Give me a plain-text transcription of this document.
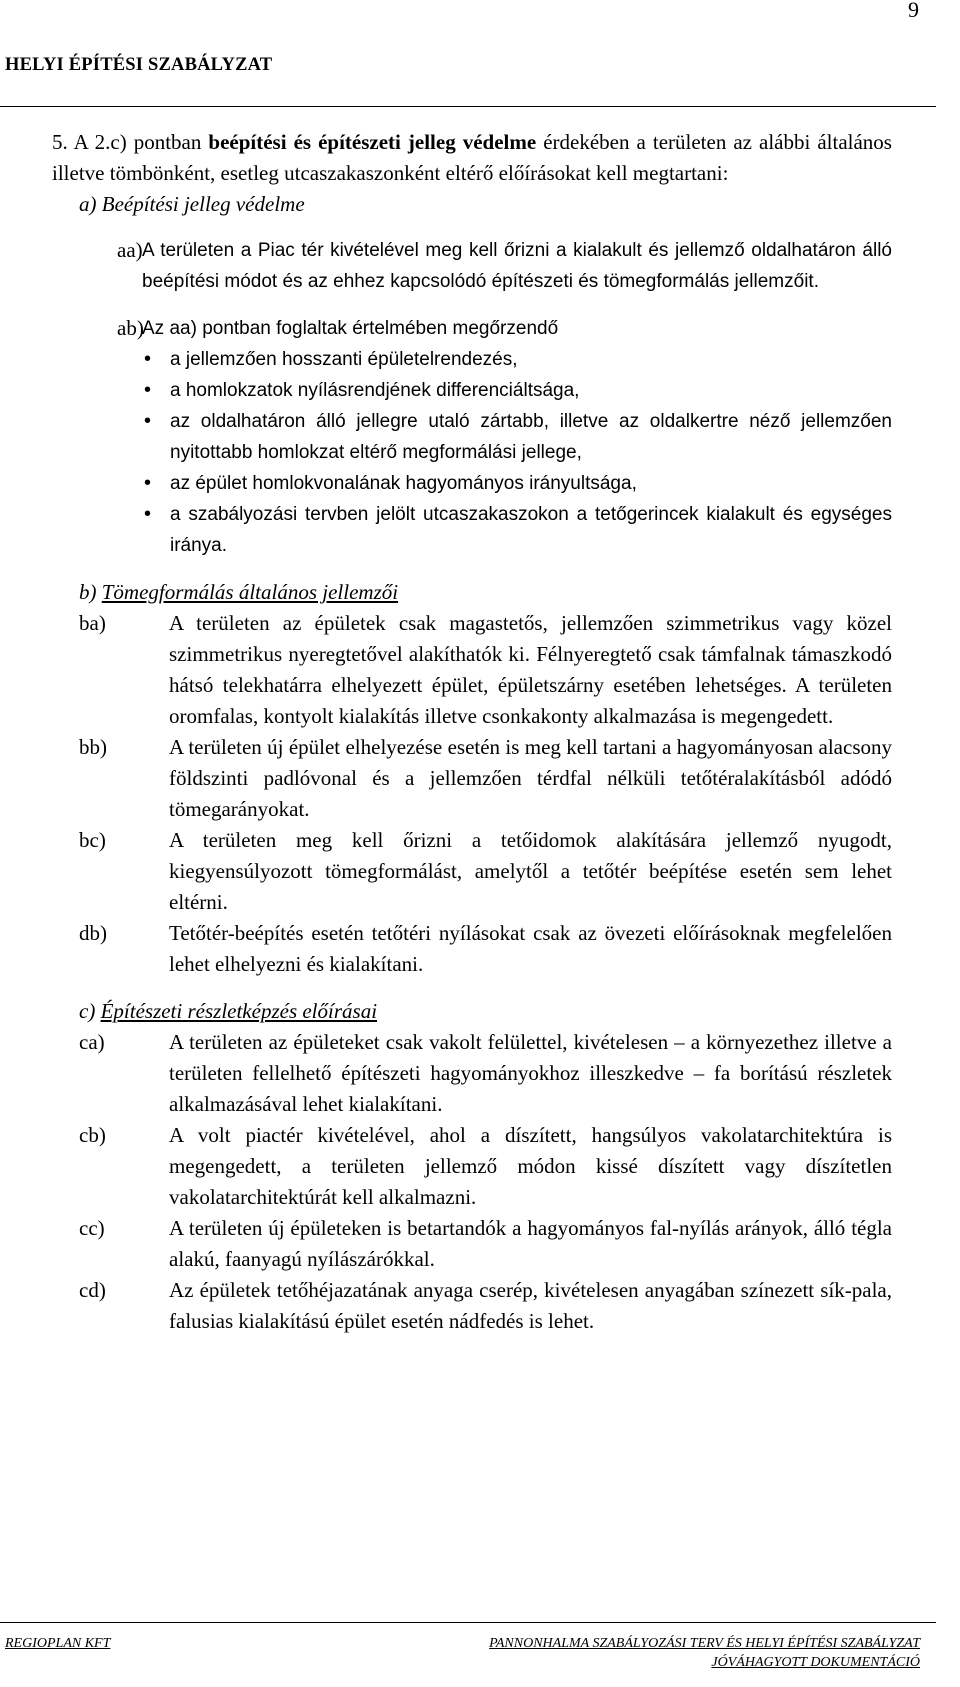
9
HELYI ÉPÍTÉSI SZABÁLYZAT

5. A 2.c) pontban beépítési és építészeti jelleg védelme érdekében a területen az alábbi általános illetve tömbönként, esetleg utcaszakaszonként eltérő előírásokat kell megtartani:

a) Beépítési jelleg védelme

aa) A területen a Piac tér kivételével meg kell őrizni a kialakult és jellemző oldalhatáron álló beépítési módot és az ehhez kapcsolódó építészeti és tömegformálás jellemzőit.
ab)
Az aa) pontban foglaltak értelmében megőrzendő
• a jellemzően hosszanti épületelrendezés,
• a homlokzatok nyílásrendjének differenciáltsága,
• az oldalhatáron álló jellegre utaló zártabb, illetve az oldalkertre néző jellemzően nyitottabb homlokzat eltérő megformálási jellege,
• az épület homlokvonalának hagyományos irányultsága,
• a szabályozási tervben jelölt utcaszakaszokon a tetőgerincek kialakult és egységes iránya.

b) Tömegformálás általános jellemzői

ba)	A területen az épületek csak magastetős, jellemzően szimmetrikus vagy közel szimmetrikus nyeregtetővel alakíthatók ki. Félnyeregtető csak támfalnak támaszkodó hátsó telekhatárra elhelyezett épület, épületszárny esetében lehetséges. A területen oromfalas, kontyolt kialakítás illetve csonkakonty alkalmazása is megengedett.
bb)	A területen új épület elhelyezése esetén is meg kell tartani a hagyományosan alacsony földszinti padlóvonal és a jellemzően térdfal nélküli tetőtéralakításból adódó tömegarányokat.
bc)	A területen meg kell őrizni a tetőidomok alakítására jellemző nyugodt, kiegyensúlyozott tömegformálást, amelytől a tetőtér beépítése esetén sem lehet eltérni.
db)	Tetőtér-beépítés esetén tetőtéri nyílásokat csak az övezeti előírásoknak megfelelően lehet elhelyezni és kialakítani.

c) Építészeti részletképzés előírásai

ca)	A területen az épületeket csak vakolt felülettel, kivételesen – a környezethez illetve a területen fellelhető építészeti hagyományokhoz illeszkedve – fa borítású részletek alkalmazásával lehet kialakítani.
cb)	A volt piactér kivételével, ahol a díszített, hangsúlyos vakolatarchitektúra is megengedett, a területen jellemző módon kissé díszített vagy díszítetlen vakolatarchitektúrát kell alkalmazni.
cc)	A területen új épületeken is betartandók a hagyományos fal-nyílás arányok, álló tégla alakú, faanyagú nyílászárókkal.
cd)	Az épületek tetőhéjazatának anyaga cserép, kivételesen anyagában színezett sík-pala, falusias kialakítású épület esetén nádfedés is lehet.
REGIOPLAN KFT	PANNONHALMA SZABÁLYOZÁSI TERV ÉS HELYI ÉPÍTÉSI SZABÁLYZAT
JÓVÁHAGYOTT DOKUMENTÁCIÓ
